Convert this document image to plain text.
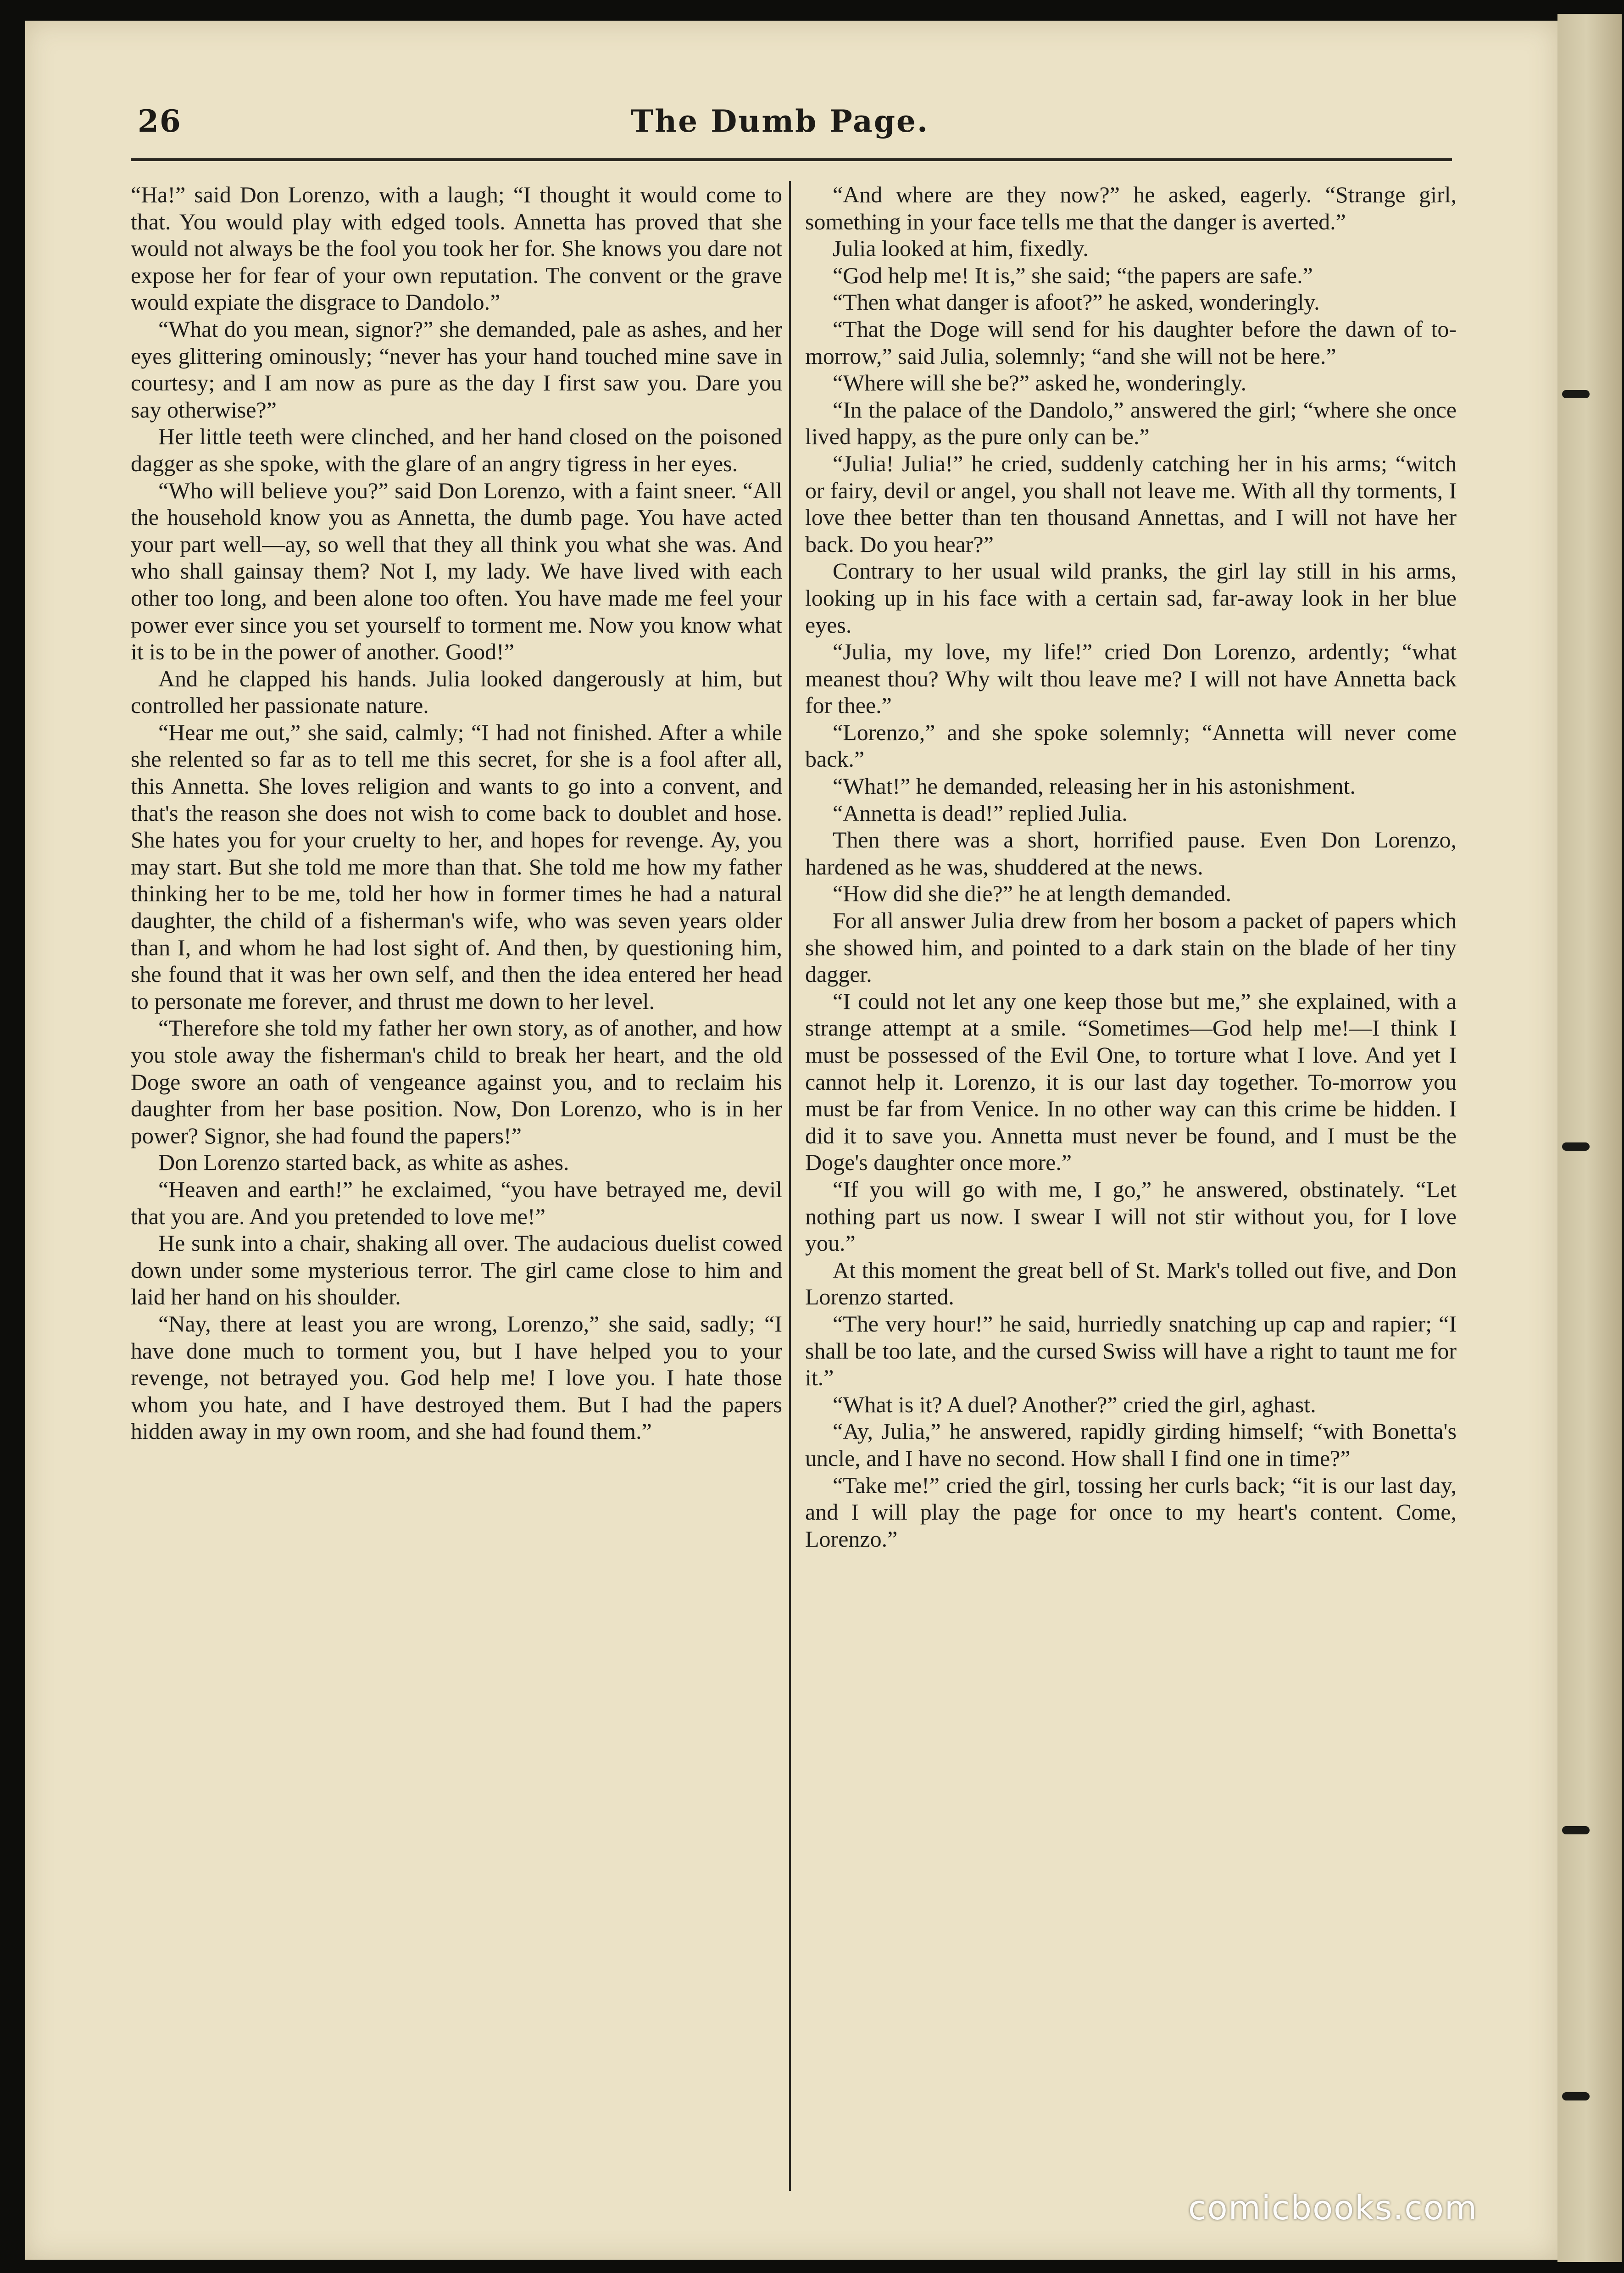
26	The Dumb Page.

“Ha!” said Don Lorenzo, with a laugh; “I thought it would come to that. You would play with edged tools. Annetta has proved that she would not always be the fool you took her for. She knows you dare not expose her for fear of your own reputation. The convent or the grave would expiate the disgrace to Dandolo.”

“What do you mean, signor?” she demanded, pale as ashes, and her eyes glittering ominously; “never has your hand touched mine save in courtesy; and I am now as pure as the day I first saw you. Dare you say otherwise?”

Her little teeth were clinched, and her hand closed on the poisoned dagger as she spoke, with the glare of an angry tigress in her eyes.

“Who will believe you?” said Don Lorenzo, with a faint sneer. “All the household know you as Annetta, the dumb page. You have acted your part well—ay, so well that they all think you what she was. And who shall gainsay them? Not I, my lady. We have lived with each other too long, and been alone too often. You have made me feel your power ever since you set yourself to torment me. Now you know what it is to be in the power of another. Good!”

And he clapped his hands. Julia looked dangerously at him, but controlled her passionate nature.

“Hear me out,” she said, calmly; “I had not finished. After a while she relented so far as to tell me this secret, for she is a fool after all, this Annetta. She loves religion and wants to go into a convent, and that's the reason she does not wish to come back to doublet and hose. She hates you for your cruelty to her, and hopes for revenge. Ay, you may start. But she told me more than that. She told me how my father thinking her to be me, told her how in former times he had a natural daughter, the child of a fisherman's wife, who was seven years older than I, and whom he had lost sight of. And then, by questioning him, she found that it was her own self, and then the idea entered her head to personate me forever, and thrust me down to her level.

“Therefore she told my father her own story, as of another, and how you stole away the fisherman's child to break her heart, and the old Doge swore an oath of vengeance against you, and to reclaim his daughter from her base position. Now, Don Lorenzo, who is in her power? Signor, she had found the papers!”

Don Lorenzo started back, as white as ashes.

“Heaven and earth!” he exclaimed, “you have betrayed me, devil that you are. And you pretended to love me!”

He sunk into a chair, shaking all over. The audacious duelist cowed down under some mysterious terror. The girl came close to him and laid her hand on his shoulder.

“Nay, there at least you are wrong, Lorenzo,” she said, sadly; “I have done much to torment you, but I have helped you to your revenge, not betrayed you. God help me! I love you. I hate those whom you hate, and I have destroyed them. But I had the papers hidden away in my own room, and she had found them.”

“And where are they now?” he asked, eagerly. “Strange girl, something in your face tells me that the danger is averted.”

Julia looked at him, fixedly.

“God help me! It is,” she said; “the papers are safe.”

“Then what danger is afoot?” he asked, wonderingly.

“That the Doge will send for his daughter before the dawn of to-morrow,” said Julia, solemnly; “and she will not be here.”

“Where will she be?” asked he, wonderingly.

“In the palace of the Dandolo,” answered the girl; “where she once lived happy, as the pure only can be.”

“Julia! Julia!” he cried, suddenly catching her in his arms; “witch or fairy, devil or angel, you shall not leave me. With all thy torments, I love thee better than ten thousand Annettas, and I will not have her back. Do you hear?”

Contrary to her usual wild pranks, the girl lay still in his arms, looking up in his face with a certain sad, far-away look in her blue eyes.

“Julia, my love, my life!” cried Don Lorenzo, ardently; “what meanest thou? Why wilt thou leave me? I will not have Annetta back for thee.”

“Lorenzo,” and she spoke solemnly; “Annetta will never come back.”

“What!” he demanded, releasing her in his astonishment.

“Annetta is dead!” replied Julia.

Then there was a short, horrified pause. Even Don Lorenzo, hardened as he was, shuddered at the news.

“How did she die?” he at length demanded.

For all answer Julia drew from her bosom a packet of papers which she showed him, and pointed to a dark stain on the blade of her tiny dagger.

“I could not let any one keep those but me,” she explained, with a strange attempt at a smile. “Sometimes—God help me!—I think I must be possessed of the Evil One, to torture what I love. And yet I cannot help it. Lorenzo, it is our last day together. To-morrow you must be far from Venice. In no other way can this crime be hidden. I did it to save you. Annetta must never be found, and I must be the Doge's daughter once more.”

“If you will go with me, I go,” he answered, obstinately. “Let nothing part us now. I swear I will not stir without you, for I love you.”

At this moment the great bell of St. Mark's tolled out five, and Don Lorenzo started.

“The very hour!” he said, hurriedly snatching up cap and rapier; “I shall be too late, and the cursed Swiss will have a right to taunt me for it.”

“What is it? A duel? Another?” cried the girl, aghast.

“Ay, Julia,” he answered, rapidly girding himself; “with Bonetta's uncle, and I have no second. How shall I find one in time?”

“Take me!” cried the girl, tossing her curls back; “it is our last day, and I will play the page for once to my heart's content. Come, Lorenzo.”

comicbooks.com
